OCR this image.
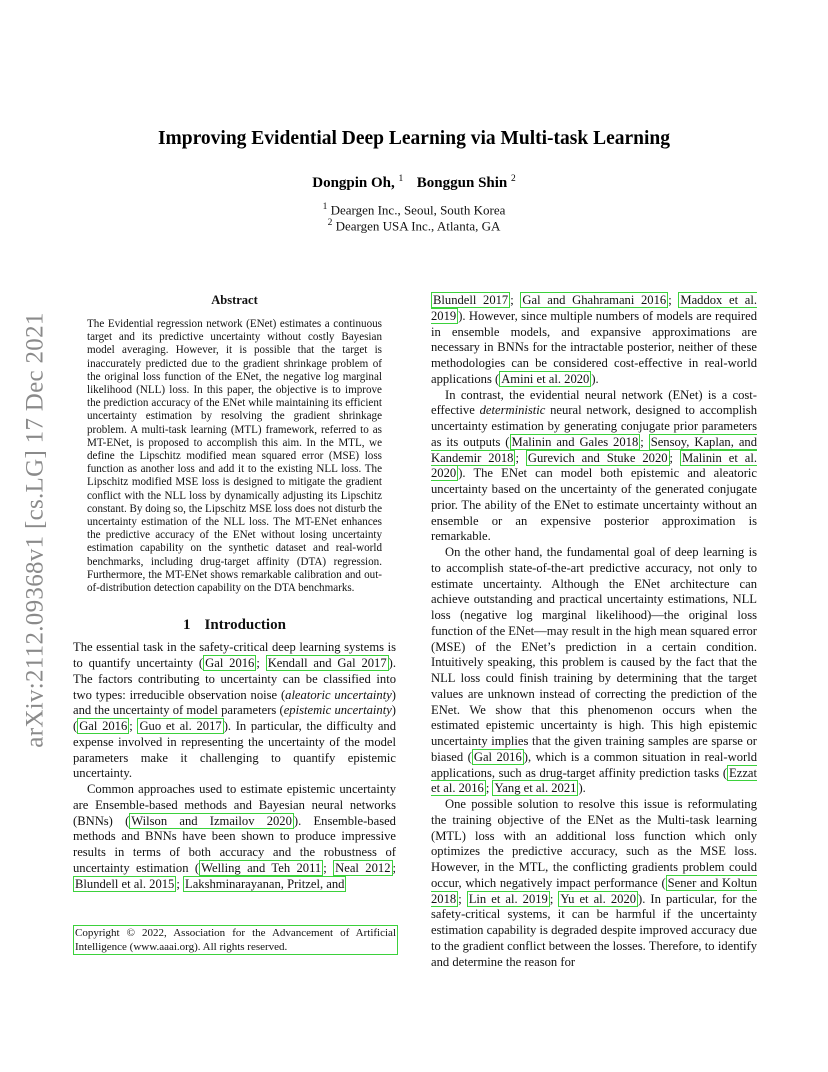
arXiv:2112.09368v1 [cs.LG] 17 Dec 2021
Improving Evidential Deep Learning via Multi-task Learning
Dongpin Oh, $^1$ Bonggun Shin $^2$
$^1$ Deargen Inc., Seoul, South Korea
$^2$ Deargen USA Inc., Atlanta, GA
Abstract
The Evidential regression network (ENet) estimates a continuous target and its predictive uncertainty without costly Bayesian model averaging. However, it is possible that the target is inaccurately predicted due to the gradient shrinkage problem of the original loss function of the ENet, the negative log marginal likelihood (NLL) loss. In this paper, the objective is to improve the prediction accuracy of the ENet while maintaining its efficient uncertainty estimation by resolving the gradient shrinkage problem. A multi-task learning (MTL) framework, referred to as MT-ENet, is proposed to accomplish this aim. In the MTL, we define the Lipschitz modified mean squared error (MSE) loss function as another loss and add it to the existing NLL loss. The Lipschitz modified MSE loss is designed to mitigate the gradient conflict with the NLL loss by dynamically adjusting its Lipschitz constant. By doing so, the Lipschitz MSE loss does not disturb the uncertainty estimation of the NLL loss. The MT-ENet enhances the predictive accuracy of the ENet without losing uncertainty estimation capability on the synthetic dataset and real-world benchmarks, including drug-target affinity (DTA) regression. Furthermore, the MT-ENet shows remarkable calibration and out-of-distribution detection capability on the DTA benchmarks.
1 Introduction

The essential task in the safety-critical deep learning systems is to quantify uncertainty ( Gal 2016 ; Kendall and Gal 2017 ). The factors contributing to uncertainty can be classified into two types: irreducible observation noise (aleatoric uncertainty) and the uncertainty of model parameters (epistemic uncertainty) ( Gal 2016 ; Guo et al. 2017 ). In particular, the difficulty and expense involved in representing the uncertainty of the model parameters make it challenging to quantify epistemic uncertainty.

Common approaches used to estimate epistemic uncertainty are Ensemble-based methods and Bayesian neural networks (BNNs) ( Wilson and Izmailov 2020 ). Ensemble-based methods and BNNs have been shown to produce impressive results in terms of both accuracy and the robustness of uncertainty estimation ( Welling and Teh 2011 ; Neal 2012 ; Blundell et al. 2015 ; Lakshminarayanan, Pritzel, and

Copyright © 2022, Association for the Advancement of Artificial Intelligence (www.aaai.org). All rights reserved.

Blundell 2017 ; Gal and Ghahramani 2016 ; Maddox et al. 2019 ). However, since multiple numbers of models are required in ensemble models, and expansive approximations are necessary in BNNs for the intractable posterior, neither of these methodologies can be considered cost-effective in real-world applications ( Amini et al. 2020 ).

In contrast, the evidential neural network (ENet) is a cost-effective deterministic neural network, designed to accomplish uncertainty estimation by generating conjugate prior parameters as its outputs ( Malinin and Gales 2018 ; Sensoy, Kaplan, and Kandemir 2018 ; Gurevich and Stuke 2020 ; Malinin et al. 2020 ). The ENet can model both epistemic and aleatoric uncertainty based on the uncertainty of the generated conjugate prior. The ability of the ENet to estimate uncertainty without an ensemble or an expensive posterior approximation is remarkable.

On the other hand, the fundamental goal of deep learning is to accomplish state-of-the-art predictive accuracy, not only to estimate uncertainty. Although the ENet architecture can achieve outstanding and practical uncertainty estimations, NLL loss (negative log marginal likelihood)—the original loss function of the ENet—may result in the high mean squared error (MSE) of the ENet’s prediction in a certain condition. Intuitively speaking, this problem is caused by the fact that the NLL loss could finish training by determining that the target values are unknown instead of correcting the prediction of the ENet. We show that this phenomenon occurs when the estimated epistemic uncertainty is high. This high epistemic uncertainty implies that the given training samples are sparse or biased ( Gal 2016 ), which is a common situation in real-world applications, such as drug-target affinity prediction tasks ( Ezzat et al. 2016 ; Yang et al. 2021 ).

One possible solution to resolve this issue is reformulating the training objective of the ENet as the Multi-task learning (MTL) loss with an additional loss function which only optimizes the predictive accuracy, such as the MSE loss. However, in the MTL, the conflicting gradients problem could occur, which negatively impact performance ( Sener and Koltun 2018 ; Lin et al. 2019 ; Yu et al. 2020 ). In particular, for the safety-critical systems, it can be harmful if the uncertainty estimation capability is degraded despite improved accuracy due to the gradient conflict between the losses. Therefore, to identify and determine the reason for
